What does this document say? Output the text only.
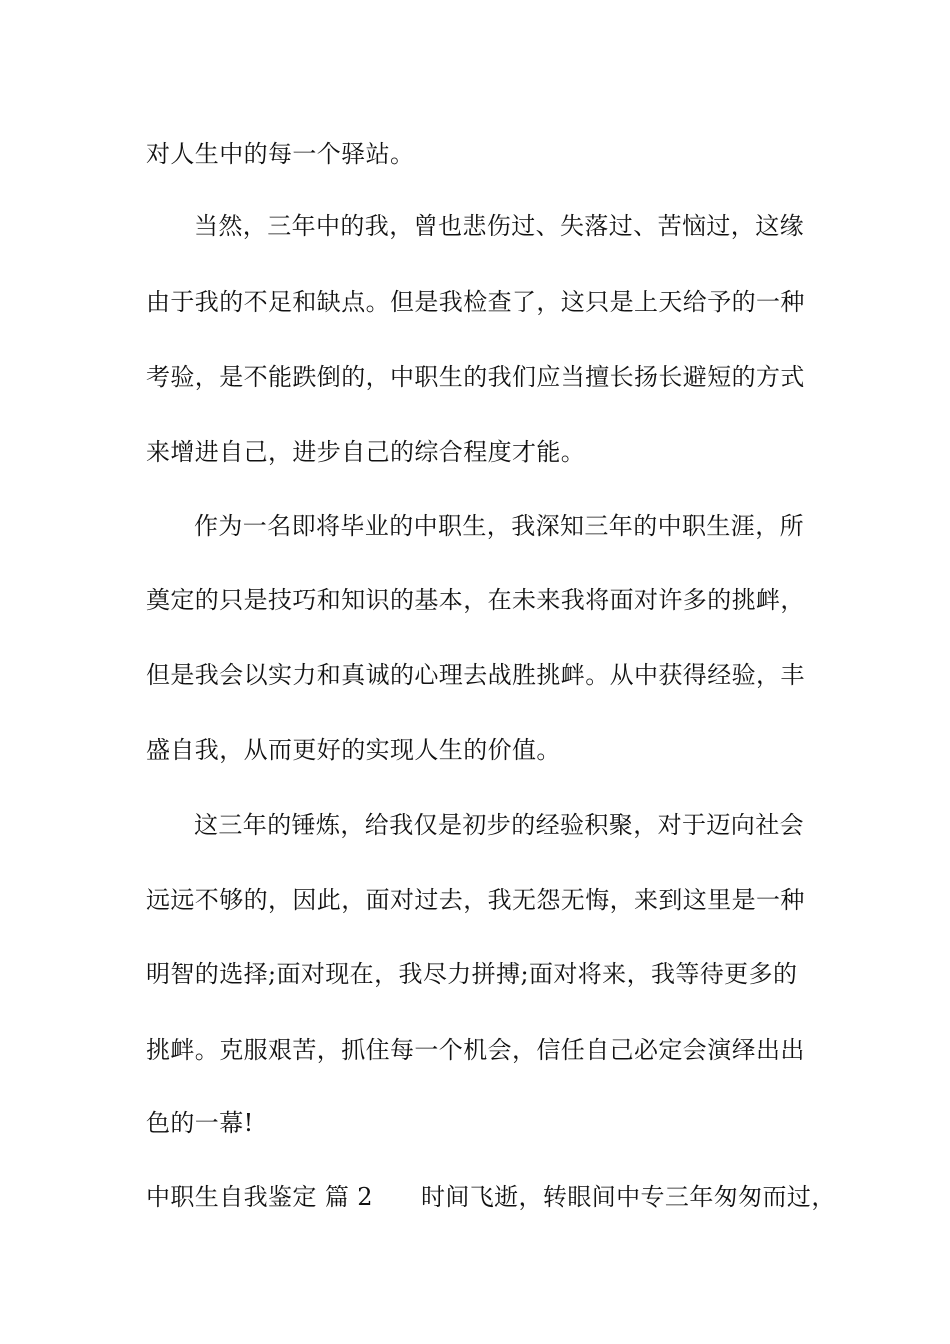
对人生中的每一个驿站。
当然，三年中的我，曾也悲伤过、失落过、苦恼过，这缘
由于我的不足和缺点。但是我检查了，这只是上天给予的一种
考验，是不能跌倒的，中职生的我们应当擅长扬长避短的方式
来增进自己，进步自己的综合程度才能。
作为一名即将毕业的中职生，我深知三年的中职生涯，所
奠定的只是技巧和知识的基本，在未来我将面对许多的挑衅，
但是我会以实力和真诚的心理去战胜挑衅。从中获得经验，丰
盛自我，从而更好的实现人生的价值。
这三年的锤炼，给我仅是初步的经验积聚，对于迈向社会
远远不够的，因此，面对过去，我无怨无悔，来到这里是一种
明智的选择;面对现在，我尽力拼搏;面对将来，我等待更多的
挑衅。克服艰苦，抓住每一个机会，信任自己必定会演绎出出
色的一幕!
中职生自我鉴定 篇 2 时间飞逝，转眼间中专三年匆匆而过，
